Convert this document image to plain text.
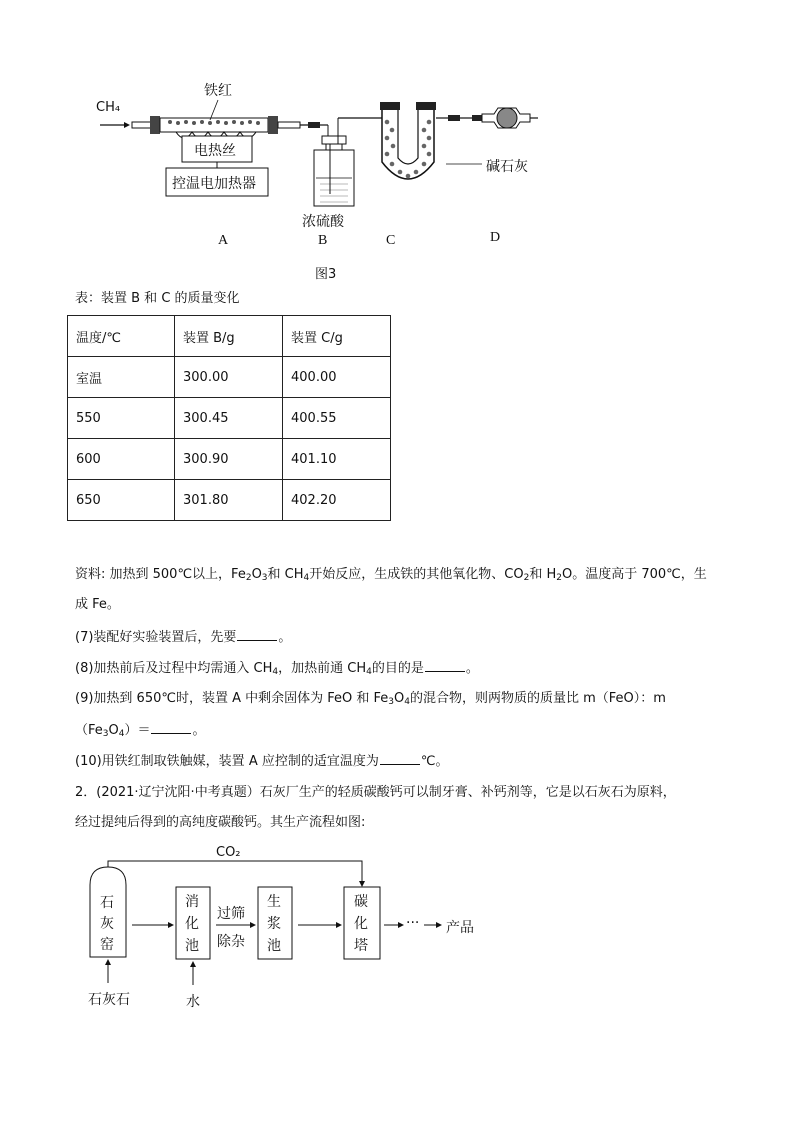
CH₄
铁红
电热丝
控温电加热器
浓硫酸
碱石灰
A	B	C	D
图3
表：装置 B 和 C 的质量变化
温度/℃	装置 B/g	装置 C/g
室温	300.00	400.00
550	300.45	400.55
600	300.90	401.10
650	301.80	402.20
资料: 加热到 500℃以上，$Fe_2O_3$和 $CH_4$开始反应，生成铁的其他氧化物、$CO_2$和 $H_2O$。温度高于 700℃，生
成 Fe。
(7)装配好实验装置后，先要	。
(8)加热前后及过程中均需通入 $CH_4$，加热前通 $CH_4$的目的是	。
(9)加热到 650℃时，装置 A 中剩余固体为 FeO 和 $Fe_3O_4$的混合物，则两物质的质量比 m（FeO）：m
$(Fe_3O_4)=$	。
(10)用铁红制取铁触媒，装置 A 应控制的适宜温度为	℃。
2．(2021·辽宁沈阳·中考真题）石灰厂生产的轻质碳酸钙可以制牙膏、补钙剂等，它是以石灰石为原料，
经过提纯后得到的高纯度碳酸钙。其生产流程如图:
CO₂
石
灰
窑
消
化
池
过筛
除杂
生
浆
池
碳
化
塔
··· 产品
石灰石	水
